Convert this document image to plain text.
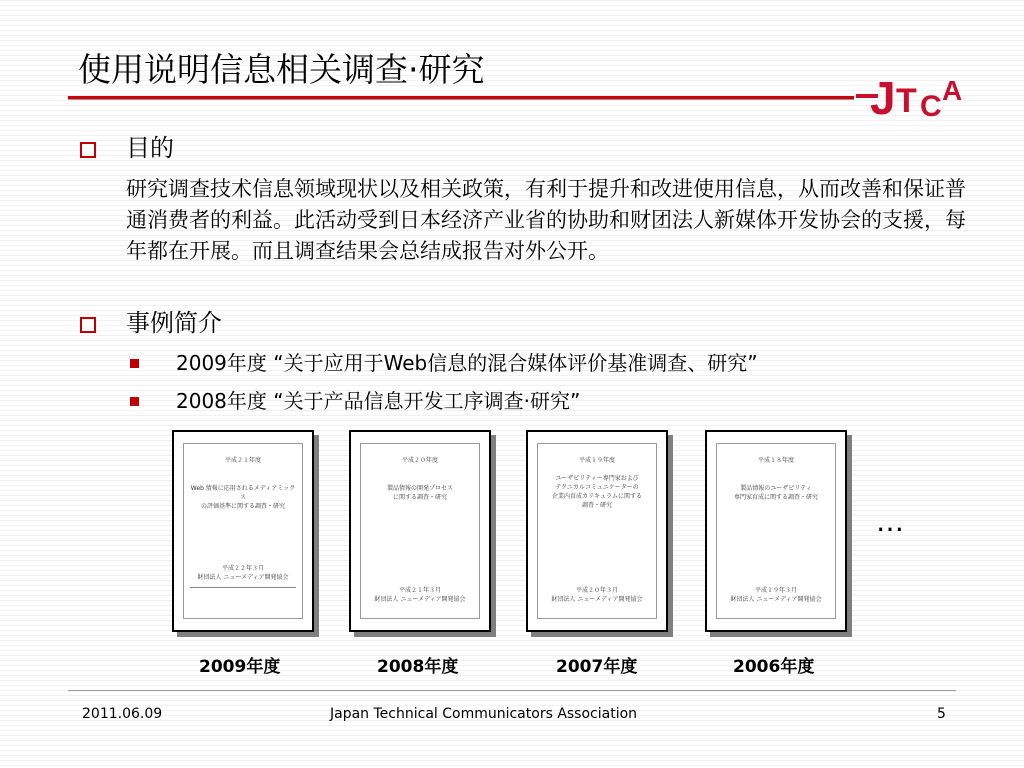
使用说明信息相关调查·研究
J T C A
目的
研究调查技术信息领域现状以及相关政策，有利于提升和改进使用信息，从而改善和保证普通消费者的利益。此活动受到日本经济产业省的协助和财团法人新媒体开发协会的支援，每年都在开展。而且调查结果会总结成报告对外公开。
事例简介
2009年度 “关于应用于Web信息的混合媒体评价基准调查、研究”
2008年度 “关于产品信息开发工序调查·研究”
平成２１年度
Web 情報に応用されるメディアミックス
の評価基準に関する調査・研究
平成２２年３月
財団法人 ニューメディア開発協会
平成２０年度
製品情報の開発プロセス
に関する調査・研究
平成２１年３月
財団法人 ニューメディア開発協会
平成１９年度
ユーザビリティー専門家および
テクニカルコミュニケーターの
企業内育成カリキュラムに関する
調査・研究
平成２０年３月
財団法人 ニューメディア開発協会
平成１８年度
製品情報のユーザビリティ
専門家育成に関する調査・研究
平成１９年３月
財団法人 ニューメディア開発協会
…
2009年度	2008年度	2007年度	2006年度
2011.06.09	Japan Technical Communicators Association	5
